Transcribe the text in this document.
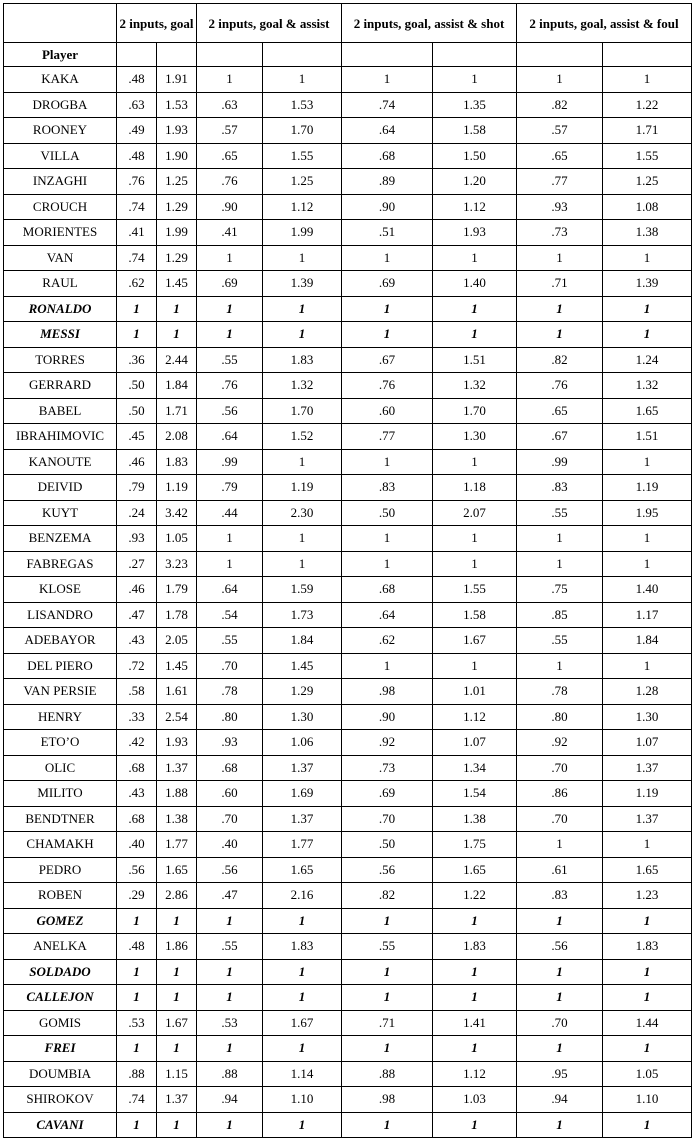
	2 inputs, goal		2 inputs, goal & assist		2 inputs, goal, assist & shot		2 inputs, goal, assist & foul	
Player								
KAKA	.48	1.91	1	1	1	1	1	1
DROGBA	.63	1.53	.63	1.53	.74	1.35	.82	1.22
ROONEY	.49	1.93	.57	1.70	.64	1.58	.57	1.71
VILLA	.48	1.90	.65	1.55	.68	1.50	.65	1.55
INZAGHI	.76	1.25	.76	1.25	.89	1.20	.77	1.25
CROUCH	.74	1.29	.90	1.12	.90	1.12	.93	1.08
MORIENTES	.41	1.99	.41	1.99	.51	1.93	.73	1.38
VAN	.74	1.29	1	1	1	1	1	1
RAUL	.62	1.45	.69	1.39	.69	1.40	.71	1.39
RONALDO	1	1	1	1	1	1	1	1
MESSI	1	1	1	1	1	1	1	1
TORRES	.36	2.44	.55	1.83	.67	1.51	.82	1.24
GERRARD	.50	1.84	.76	1.32	.76	1.32	.76	1.32
BABEL	.50	1.71	.56	1.70	.60	1.70	.65	1.65
IBRAHIMOVIC	.45	2.08	.64	1.52	.77	1.30	.67	1.51
KANOUTE	.46	1.83	.99	1	1	1	.99	1
DEIVID	.79	1.19	.79	1.19	.83	1.18	.83	1.19
KUYT	.24	3.42	.44	2.30	.50	2.07	.55	1.95
BENZEMA	.93	1.05	1	1	1	1	1	1
FABREGAS	.27	3.23	1	1	1	1	1	1
KLOSE	.46	1.79	.64	1.59	.68	1.55	.75	1.40
LISANDRO	.47	1.78	.54	1.73	.64	1.58	.85	1.17
ADEBAYOR	.43	2.05	.55	1.84	.62	1.67	.55	1.84
DEL PIERO	.72	1.45	.70	1.45	1	1	1	1
VAN PERSIE	.58	1.61	.78	1.29	.98	1.01	.78	1.28
HENRY	.33	2.54	.80	1.30	.90	1.12	.80	1.30
ETO’O	.42	1.93	.93	1.06	.92	1.07	.92	1.07
OLIC	.68	1.37	.68	1.37	.73	1.34	.70	1.37
MILITO	.43	1.88	.60	1.69	.69	1.54	.86	1.19
BENDTNER	.68	1.38	.70	1.37	.70	1.38	.70	1.37
CHAMAKH	.40	1.77	.40	1.77	.50	1.75	1	1
PEDRO	.56	1.65	.56	1.65	.56	1.65	.61	1.65
ROBEN	.29	2.86	.47	2.16	.82	1.22	.83	1.23
GOMEZ	1	1	1	1	1	1	1	1
ANELKA	.48	1.86	.55	1.83	.55	1.83	.56	1.83
SOLDADO	1	1	1	1	1	1	1	1
CALLEJON	1	1	1	1	1	1	1	1
GOMIS	.53	1.67	.53	1.67	.71	1.41	.70	1.44
FREI	1	1	1	1	1	1	1	1
DOUMBIA	.88	1.15	.88	1.14	.88	1.12	.95	1.05
SHIROKOV	.74	1.37	.94	1.10	.98	1.03	.94	1.10
CAVANI	1	1	1	1	1	1	1	1
